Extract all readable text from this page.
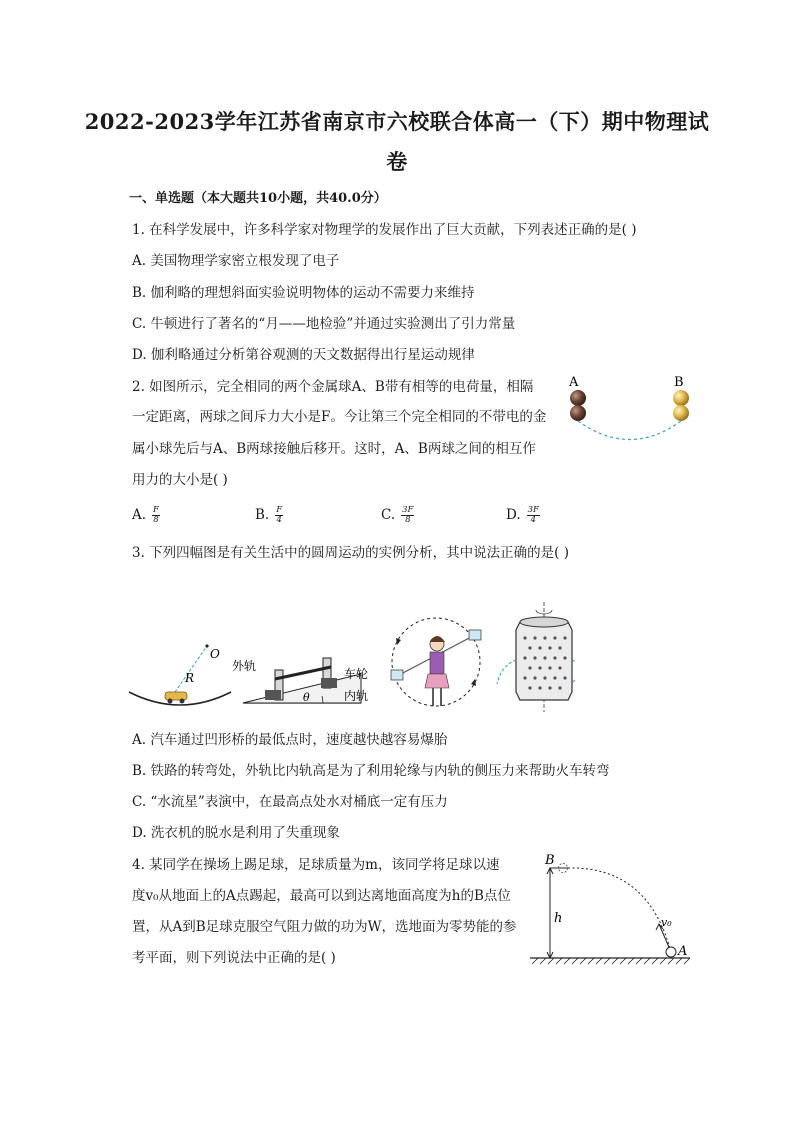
2022-2023学年江苏省南京市六校联合体高一（下）期中物理试
卷
一、单选题（本大题共10小题，共40.0分）
1. 在科学发展中，许多科学家对物理学的发展作出了巨大贡献，下列表述正确的是( )
A. 美国物理学家密立根发现了电子
B. 伽利略的理想斜面实验说明物体的运动不需要力来维持
C. 牛顿进行了著名的“月——地检验”并通过实验测出了引力常量
D. 伽利略通过分析第谷观测的天文数据得出行星运动规律
2. 如图所示，完全相同的两个金属球A、B带有相等的电荷量，相隔
一定距离，两球之间斥力大小是F。今让第三个完全相同的不带电的金
属小球先后与A、B两球接触后移开。这时，A、B两球之间的相互作
用力的大小是( )
A	B
A. $\frac{F}{8}$	B. $\frac{F}{4}$	C. $\frac{3F}{8}$	D. $\frac{3F}{4}$
3. 下列四幅图是有关生活中的圆周运动的实例分析，其中说法正确的是( )
O
R
θ
外轨
车轮
内轨
A. 汽车通过凹形桥的最低点时，速度越快越容易爆胎
B. 铁路的转弯处，外轨比内轨高是为了利用轮缘与内轨的侧压力来帮助火车转弯
C. “水流星”表演中，在最高点处水对桶底一定有压力
D. 洗衣机的脱水是利用了失重现象
4. 某同学在操场上踢足球，足球质量为m，该同学将足球以速
度v₀从地面上的A点踢起，最高可以到达离地面高度为h的B点位
置，从A到B足球克服空气阻力做的功为W，选地面为零势能的参
考平面，则下列说法中正确的是( )
B
h	v₀
A
